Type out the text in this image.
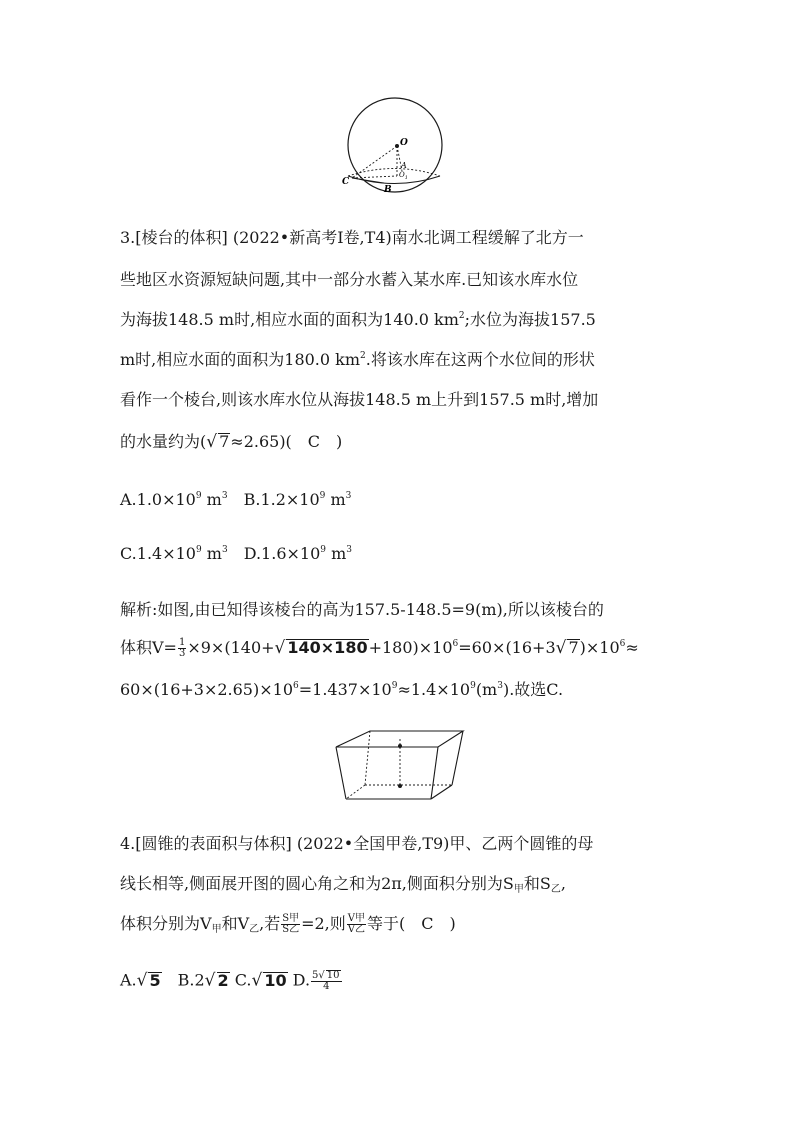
O
A
$O_1$
C
B
3.[棱台的体积] (2022•新高考Ⅰ卷,T4)南水北调工程缓解了北方一
些地区水资源短缺问题,其中一部分水蓄入某水库.已知该水库水位
为海拔148.5 m时,相应水面的面积为140.0 $km^2$;水位为海拔157.5
m时,相应水面的面积为180.0 $km^2$.将该水库在这两个水位间的形状
看作一个棱台,则该水库水位从海拔148.5 m上升到157.5 m时,增加
的水量约为(√ 7≈2.65)(　C　)
$A.1.0\times 10^9$ $m^3$　$B.1.2\times 10^9$ $m^3$
$C.1.4\times 10^9$ $m^3$　$D.1.6\times 10^9$ $m^3$
解析:如图,由已知得该棱台的高为157.5-148.5=9(m),所以该棱台的
体积$V= \frac{1}{3} \times 9\times(140+√$ $140\times 180+180)\times 10^6=60\times(16+3√$ $7)\times 10^6\approx$
$60\times(16+3\times 2.65)\times 10^6=1.437\times 10^9\approx 1.4\times 10^9(m^3)$.故选C.
4.[圆锥的表面积与体积] (2022•全国甲卷,T9)甲、乙两个圆锥的母
线长相等,侧面展开图的圆心角之和为2π,侧面积分别为$S_甲$和$S_乙$,
体积分别为$V_甲$和$V_乙$,若 $\frac{\text{S甲}}{\text{S乙}} =2$,则 $\frac{\text{V甲}}{\text{V乙}}$ 等于(　C　)
A.√ 5　B.2√ 2 C.√ 10 D. $\frac{5√ 10}{4}$
